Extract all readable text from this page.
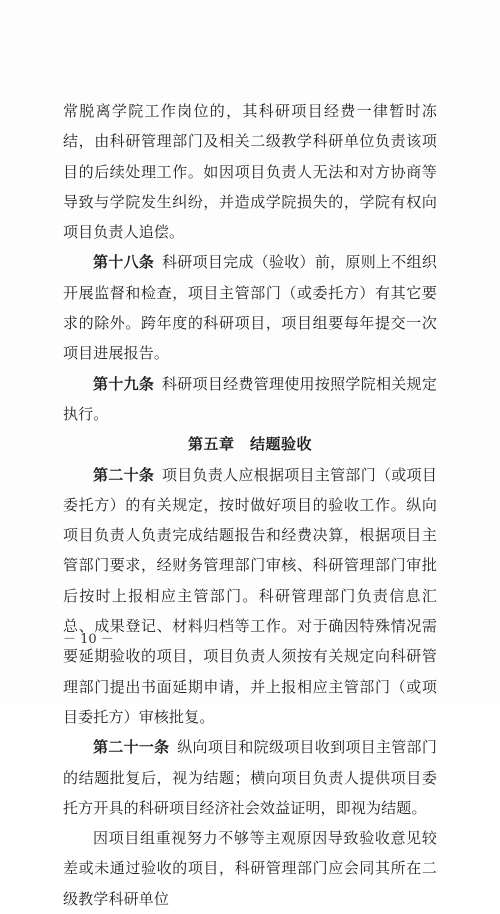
常脱离学院工作岗位的，其科研项目经费一律暂时冻结，由科研管理部门及相关二级教学科研单位负责该项目的后续处理工作。如因项目负责人无法和对方协商等导致与学院发生纠纷，并造成学院损失的，学院有权向项目负责人追偿。

第十八条  科研项目完成（验收）前，原则上不组织开展监督和检查，项目主管部门（或委托方）有其它要求的除外。跨年度的科研项目，项目组要每年提交一次项目进展报告。

第十九条  科研项目经费管理使用按照学院相关规定执行。

第五章　结题验收

第二十条  项目负责人应根据项目主管部门（或项目委托方）的有关规定，按时做好项目的验收工作。纵向项目负责人负责完成结题报告和经费决算，根据项目主管部门要求，经财务管理部门审核、科研管理部门审批后按时上报相应主管部门。科研管理部门负责信息汇总、成果登记、材料归档等工作。对于确因特殊情况需要延期验收的项目，项目负责人须按有关规定向科研管理部门提出书面延期申请，并上报相应主管部门（或项目委托方）审核批复。

第二十一条  纵向项目和院级项目收到项目主管部门的结题批复后，视为结题；横向项目负责人提供项目委托方开具的科研项目经济社会效益证明，即视为结题。

因项目组重视努力不够等主观原因导致验收意见较差或未通过验收的项目，科研管理部门应会同其所在二级教学科研单位

－ 10 －
